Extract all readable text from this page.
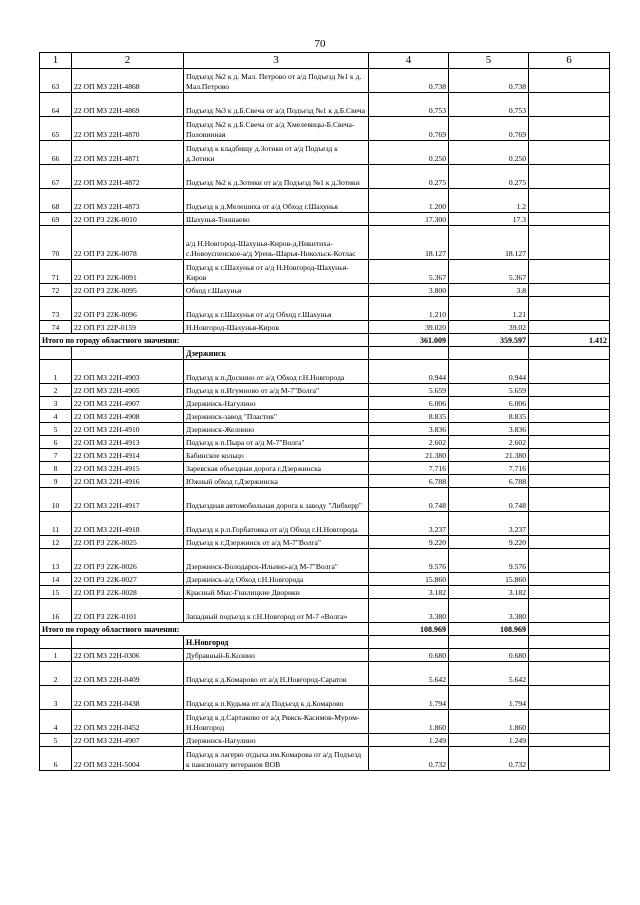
70
1	2	3	4	5	6
63	22 ОП МЗ 22Н-4868	Подъезд №2 к д. Мал. Петрово от а/д Подъезд №1 к д. Мал.Петрово	0.738	0.738	
64	22 ОП МЗ 22Н-4869	Подъезд №3 к д.Б.Свеча от а/д Подъезд №1 к д.Б.Свеча	0.753	0.753	
65	22 ОП МЗ 22Н-4870	Подъезд №2 к д.Б.Свеча от а/д Хмелевицы-Б.Свеча-Половинная	0.769	0.769	
66	22 ОП МЗ 22Н-4871	Подъезд к кладбищу д.Зотики от а/д Подъезд к д.Зотики	0.250	0.250	
67	22 ОП МЗ 22Н-4872	Подъезд №2 к д.Зотики от а/д Подъезд №1 к д.Зотики	0.275	0.275	
68	22 ОП МЗ 22Н-4873	Подъезд к д.Мелешиха от а/д Обход г.Шахунья	1.200	1.2	
69	22 ОП РЗ 22К-0010	Шахунья-Тоншаево	17.300	17.3	
70	22 ОП РЗ 22К-0078	а/д Н.Новгород-Шахунья-Киров-д.Никитиха-с.Новоуспенское-а/д Урень-Шарья-Никольск-Котлас	18.127	18.127	
71	22 ОП РЗ 22К-0091	Подъезд к г.Шахунья от а/д Н.Новгород-Шахунья-Киров	5.367	5.367	
72	22 ОП РЗ 22К-0095	Обход г.Шахунья	3.800	3.8	
73	22 ОП РЗ 22К-0096	Подъезд к г.Шахунья от а/д Обход г.Шахунья	1.210	1.21	
74	22 ОП РЗ 22Р-0159	Н.Новгород-Шахунья-Киров	39.020	39.02	
Итого по городу областного значения:			361.009	359.597	1.412
		Дзержинск			
1	22 ОП МЗ 22Н-4903	Подъезд к п.Доскино от а/д Обход г.Н.Новгорода	0.944	0.944	
2	22 ОП МЗ 22Н-4905	Подъезд к п.Игумново от а/д М-7"Волга"	5.659	5.659	
3	22 ОП МЗ 22Н-4907	Дзержинск-Нагулино	6.006	6.006	
4	22 ОП МЗ 22Н-4908	Дзержинск-завод "Пластик"	8.835	8.835	
5	22 ОП МЗ 22Н-4910	Дзержинск-Желнино	3.836	3.836	
6	22 ОП МЗ 22Н-4913	Подъезд к п.Пыра от а/д М-7"Волга"	2.602	2.602	
7	22 ОП МЗ 22Н-4914	Бабинское кольцо	21.380	21.380	
8	22 ОП МЗ 22Н-4915	Заревская объездная дорога г.Дзержинска	7.716	7.716	
9	22 ОП МЗ 22Н-4916	Южный обход г.Дзержинска	6.788	6.788	
10	22 ОП МЗ 22Н-4917	Подъездная автомобильная дорога к заводу "Либхерр"	0.748	0.748	
11	22 ОП МЗ 22Н-4918	Подъезд к р.п.Горбатовка от а/д Обход г.Н.Новгорода	3.237	3.237	
12	22 ОП РЗ 22К-0025	Подъезд к г.Дзержинск от а/д М-7"Волга"	9.220	9.220	
13	22 ОП РЗ 22К-0026	Дзержинск-Володарск-Ильино-а/д М-7"Волга"	9.576	9.576	
14	22 ОП РЗ 22К-0027	Дзержинск-а/д Обход г.Н.Новгорода	15.860	15.860	
15	22 ОП РЗ 22К-0028	Красный Мыс-Гнилицкие Дворики	3.182	3.182	
16	22 ОП РЗ 22К-0101	Западный подъезд к г.Н.Новгород от М-7 «Волга»	3.380	3.380	
Итого по городу областного значения:			108.969	108.969	
		Н.Новгород			
1	22 ОП МЗ 22Н-0306	Дубравный-Б.Козино	0.680	0.680	
2	22 ОП МЗ 22Н-0409	Подъезд к д.Комарово от а/д Н.Новгород-Саратов	5.642	5.642	
3	22 ОП МЗ 22Н-0438	Подъезд к п.Кудьма от а/д Подъезд к д.Комарово	1.794	1.794	
4	22 ОП МЗ 22Н-0452	Подъезд к д.Сартаково от а/д Ряжск-Касимов-Муром-Н.Новгород	1.860	1.860	
5	22 ОП МЗ 22Н-4907	Дзержинск-Нагулино	1.249	1.249	
6	22 ОП МЗ 22Н-5004	Подъезд к лагерю отдыха им.Комарова от а/д Подъезд к пансионату ветеранов ВОВ	0.732	0.732	
